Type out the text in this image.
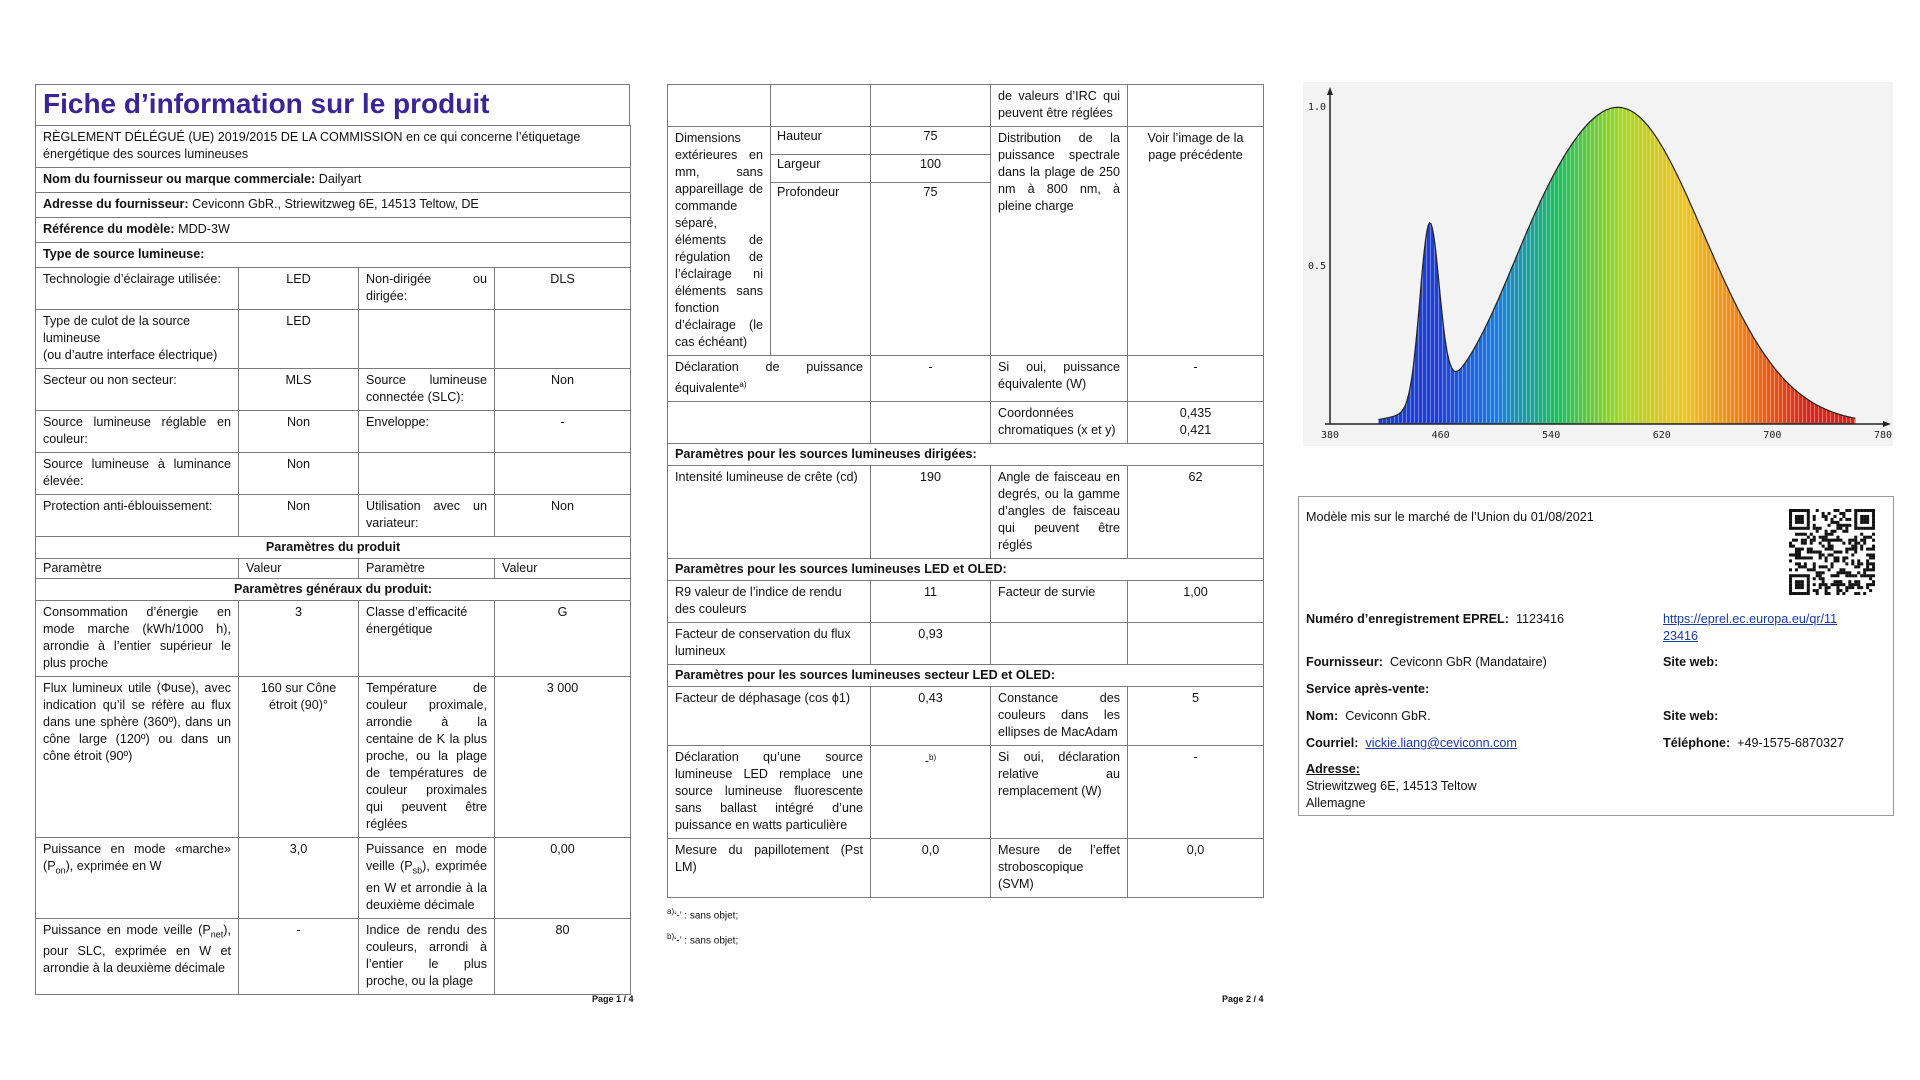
Fiche d’information sur le produit
RÈGLEMENT DÉLÉGUÉ (UE) 2019/2015 DE LA COMMISSION en ce qui concerne l’étiquetage énergétique des sources lumineuses			
Nom du fournisseur ou marque commerciale: Dailyart			
Adresse du fournisseur: Ceviconn GbR., Striewitzweg 6E, 14513 Teltow, DE			
Référence du modèle: MDD-3W			
Type de source lumineuse:			
Technologie d’éclairage utilisée:	LED	Non-dirigée ou dirigée:	DLS
Type de culot de la source lumineuse
(ou d’autre interface électrique)	LED		
Secteur ou non secteur:	MLS	Source lumineuse connectée (SLC):	Non
Source lumineuse réglable en couleur:	Non	Enveloppe:	-
Source lumineuse à luminance élevée:	Non		
Protection anti-éblouissement:	Non	Utilisation avec un variateur:	Non
Paramètres du produit			
Paramètre	Valeur	Paramètre	Valeur
Paramètres généraux du produit:			
Consommation d’énergie en mode marche (kWh/1000 h), arrondie à l’entier supérieur le plus proche	3	Classe d’efficacité énergétique	G
Flux lumineux utile (Φuse), avec indication qu’il se réfère au flux dans une sphère (360º), dans un cône large (120º) ou dans un cône étroit (90º)	160 sur Cône étroit (90)°	Température de couleur proximale, arrondie à la centaine de K la plus proche, ou la plage de températures de couleur proximales qui peuvent être réglées	3 000
Puissance en mode «marche» $(P_{on})$, exprimée en W	3,0	Puissance en mode veille $(P_{sb})$, exprimée en W et arrondie à la deuxième décimale	0,00
Puissance en mode veille $(P_{net})$, pour SLC, exprimée en W et arrondie à la deuxième décimale	-	Indice de rendu des couleurs, arrondi à l’entier le plus proche, ou la plage	80
Page 1 / 4
			de valeurs d’IRC qui peuvent être réglées	
Dimensions extérieures en mm, sans appareillage de commande séparé, éléments de régulation de l’éclairage ni éléments sans fonction d’éclairage (le cas échéant)	Hauteur	75	Distribution de la puissance spectrale dans la plage de 250 nm à 800 nm, à pleine charge	Voir l’image de la page précédente
	Largeur	100		
	Profondeur	75		
Déclaration de puissance équivalente$^{a)}$		-	Si oui, puissance équivalente (W)	-
			Coordonnées chromatiques (x et y)	0,435
0,421
Paramètres pour les sources lumineuses dirigées:				
Intensité lumineuse de crête (cd)		190	Angle de faisceau en degrés, ou la gamme d’angles de faisceau qui peuvent être réglés	62
Paramètres pour les sources lumineuses LED et OLED:				
R9 valeur de l’indice de rendu des couleurs		11	Facteur de survie	1,00
Facteur de conservation du flux lumineux		0,93		
Paramètres pour les sources lumineuses secteur LED et OLED:				
Facteur de déphasage (cos ϕ1)		0,43	Constance des couleurs dans les ellipses de MacAdam	5
Déclaration qu’une source lumineuse LED remplace une source lumineuse fluorescente sans ballast intégré d’une puissance en watts particulière		-$^{b)}$	Si oui, déclaration relative au remplacement (W)	-
Mesure du papillotement (Pst LM)		0,0	Mesure de l’effet stroboscopique (SVM)	0,0
$^{a)}$‘-’ : sans objet;
$^{b)}$‘-’ : sans objet;
Page 2 / 4
380	460	540	620	700	780
1.0
0.5
Modèle mis sur le marché de l’Union du 01/08/2021
Numéro d’enregistrement EPREL: 1123416	https://eprel.ec.europa.eu/qr/11
23416
Fournisseur: Ceviconn GbR (Mandataire)	Site web:
Service après-vente:
Nom: Ceviconn GbR.	Site web:
Courriel: vickie.liang@ceviconn.com	Téléphone: +49-1575-6870327
Adresse:
Striewitzweg 6E, 14513 Teltow
Allemagne
